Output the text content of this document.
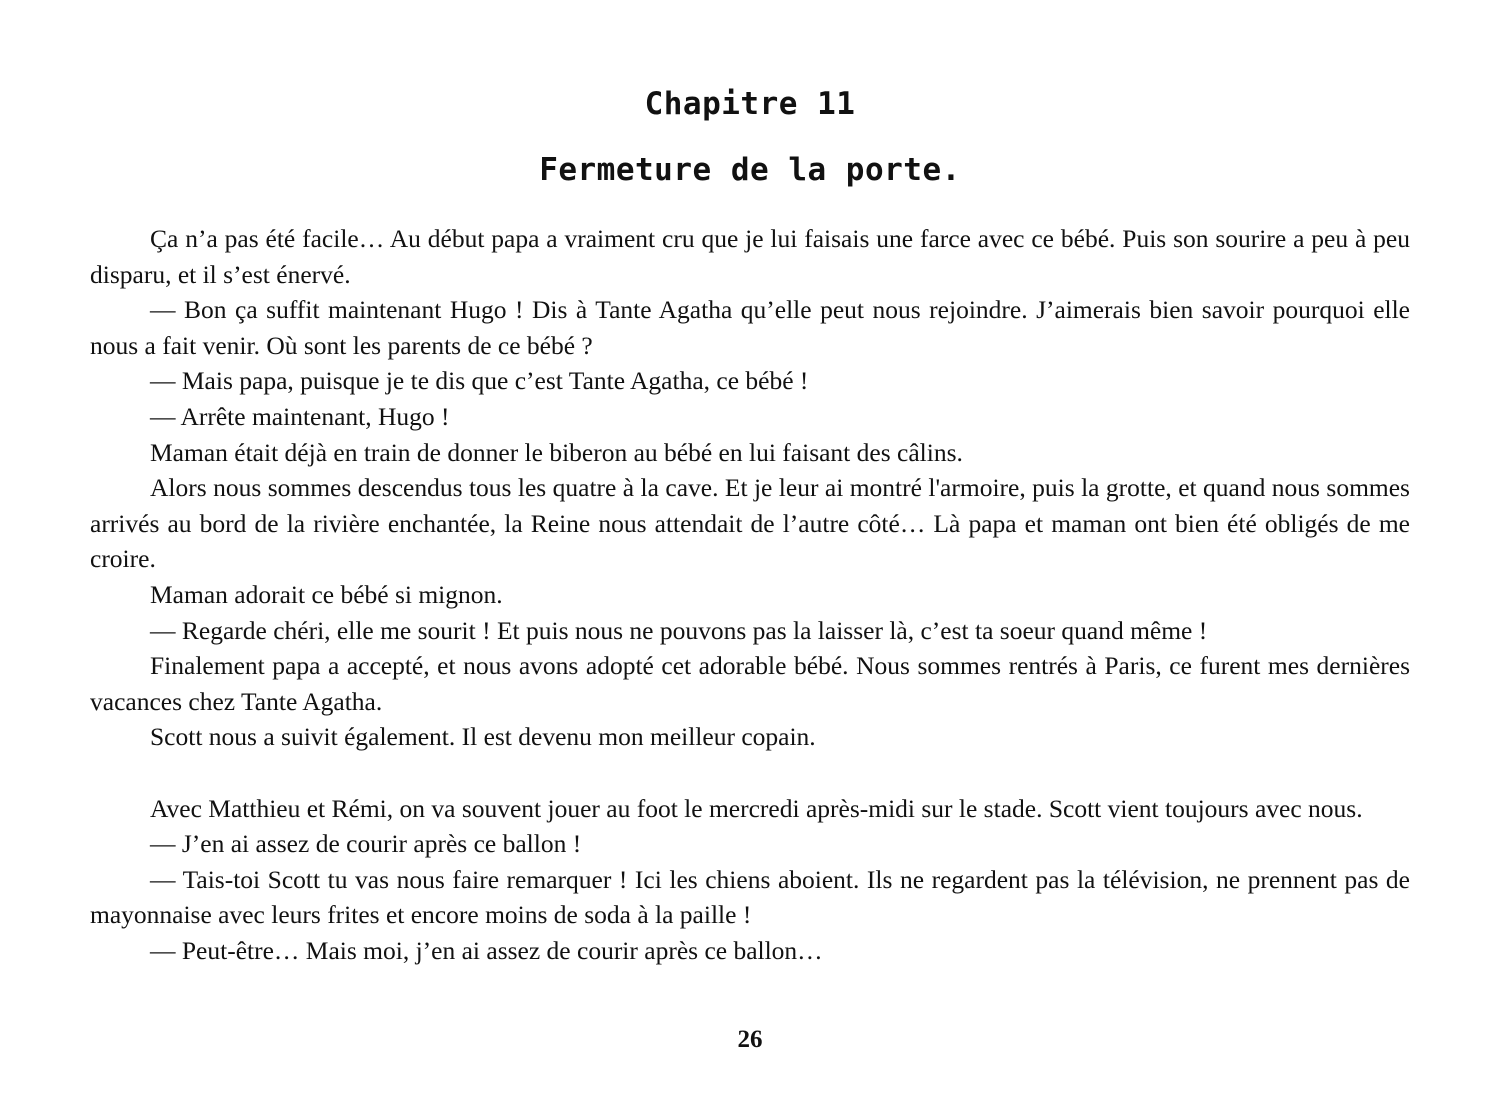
Chapitre 11
Fermeture de la porte.

Ça n’a pas été facile… Au début papa a vraiment cru que je lui faisais une farce avec ce bébé. Puis son sourire a peu à peu disparu, et il s’est énervé.

— Bon ça suffit maintenant Hugo ! Dis à Tante Agatha qu’elle peut nous rejoindre. J’aimerais bien savoir pourquoi elle nous a fait venir. Où sont les parents de ce bébé ?

— Mais papa, puisque je te dis que c’est Tante Agatha, ce bébé !

— Arrête maintenant, Hugo !

Maman était déjà en train de donner le biberon au bébé en lui faisant des câlins.

Alors nous sommes descendus tous les quatre à la cave. Et je leur ai montré l'armoire, puis la grotte, et quand nous sommes arrivés au bord de la rivière enchantée, la Reine nous attendait de l’autre côté… Là papa et maman ont bien été obligés de me croire.

Maman adorait ce bébé si mignon.

— Regarde chéri, elle me sourit ! Et puis nous ne pouvons pas la laisser là, c’est ta soeur quand même !

Finalement papa a accepté, et nous avons adopté cet adorable bébé. Nous sommes rentrés à Paris, ce furent mes dernières vacances chez Tante Agatha.

Scott nous a suivit également. Il est devenu mon meilleur copain.

Avec Matthieu et Rémi, on va souvent jouer au foot le mercredi après-midi sur le stade. Scott vient toujours avec nous.

— J’en ai assez de courir après ce ballon !

— Tais-toi Scott tu vas nous faire remarquer ! Ici les chiens aboient. Ils ne regardent pas la télévision, ne prennent pas de mayonnaise avec leurs frites et encore moins de soda à la paille !

— Peut-être… Mais moi, j’en ai assez de courir après ce ballon…

26
